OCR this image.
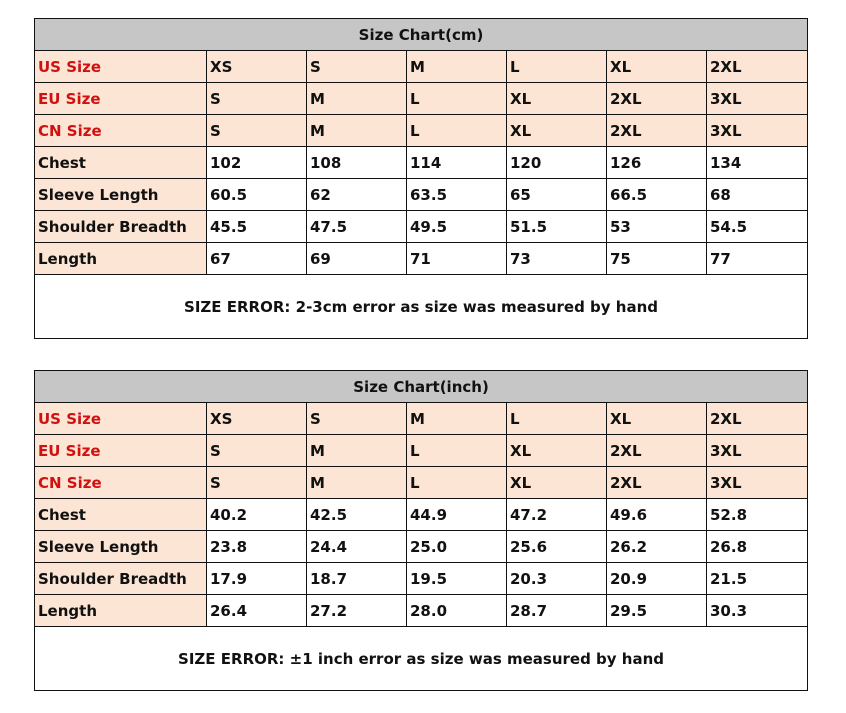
Size Chart(cm)						
US Size	XS	S	M	L	XL	2XL
EU Size	S	M	L	XL	2XL	3XL
CN Size	S	M	L	XL	2XL	3XL
Chest	102	108	114	120	126	134
Sleeve Length	60.5	62	63.5	65	66.5	68
Shoulder Breadth	45.5	47.5	49.5	51.5	53	54.5
Length	67	69	71	73	75	77
SIZE ERROR: 2-3cm error as size was measured by hand						
Size Chart(inch)						
US Size	XS	S	M	L	XL	2XL
EU Size	S	M	L	XL	2XL	3XL
CN Size	S	M	L	XL	2XL	3XL
Chest	40.2	42.5	44.9	47.2	49.6	52.8
Sleeve Length	23.8	24.4	25.0	25.6	26.2	26.8
Shoulder Breadth	17.9	18.7	19.5	20.3	20.9	21.5
Length	26.4	27.2	28.0	28.7	29.5	30.3
SIZE ERROR: ±1 inch error as size was measured by hand						
